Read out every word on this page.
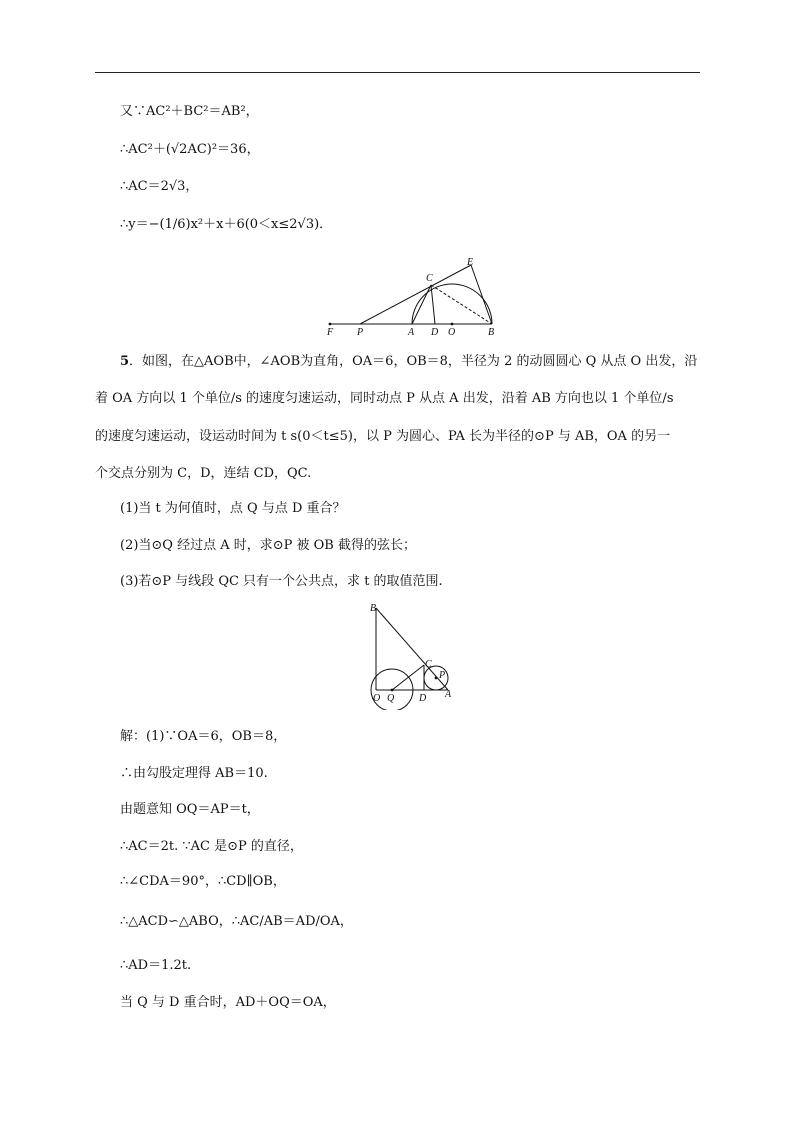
又∵AC²＋BC²＝AB²，
∴AC²＋(√2AC)²＝36，
∴AC＝2√3，
∴y＝−(1/6)x²＋x＋6(0＜x≤2√3)．
C
E
F P	A D O	B
5．如图，在△AOB中，∠AOB为直角，OA＝6，OB＝8，半径为 2 的动圆圆心 Q 从点 O 出发，沿
着 OA 方向以 1 个单位/s 的速度匀速运动，同时动点 P 从点 A 出发，沿着 AB 方向也以 1 个单位/s
的速度匀速运动，设运动时间为 t s(0＜t≤5)，以 P 为圆心、PA 长为半径的⊙P 与 AB，OA 的另一
个交点分别为 C，D，连结 CD，QC.
(1)当 t 为何值时，点 Q 与点 D 重合？
(2)当⊙Q 经过点 A 时，求⊙P 被 OB 截得的弦长；
(3)若⊙P 与线段 QC 只有一个公共点，求 t 的取值范围.
B
C
P
O Q D A
解：(1)∵OA＝6，OB＝8，
∴由勾股定理得 AB＝10.
由题意知 OQ＝AP＝t，
∴AC＝2t. ∵AC 是⊙P 的直径，
∴∠CDA＝90°，∴CD∥OB，
∴△ACD∽△ABO，∴AC/AB＝AD/OA，
∴AD＝1.2t.
当 Q 与 D 重合时，AD＋OQ＝OA，
